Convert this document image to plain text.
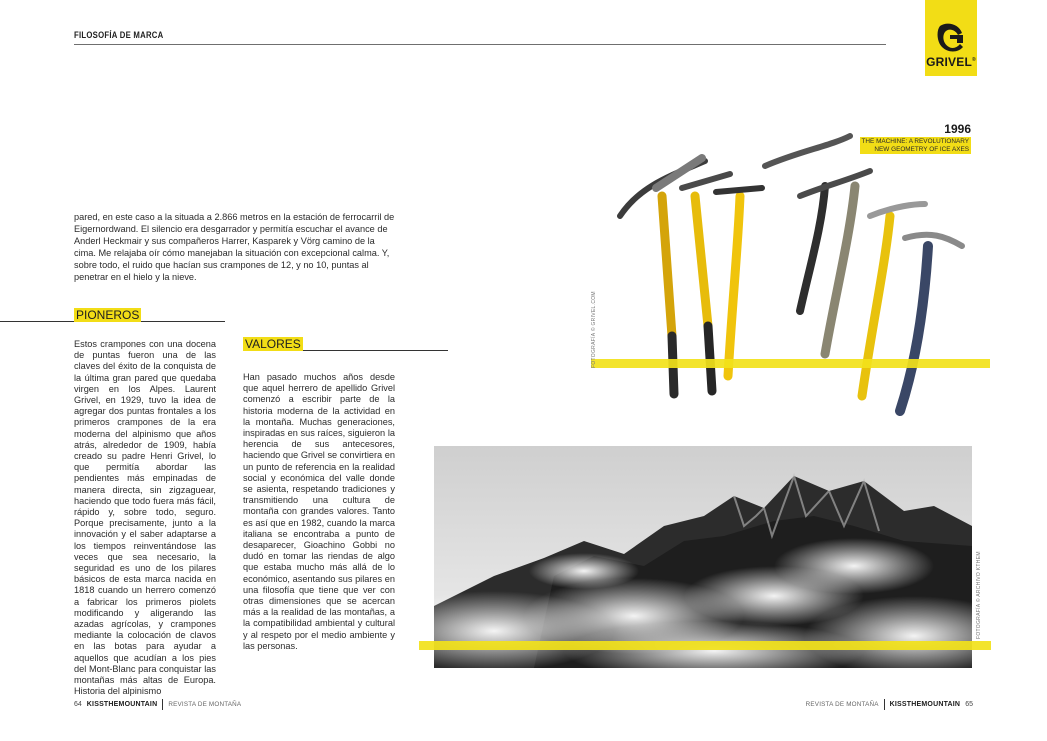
FILOSOFÍA DE MARCA
GRIVEL®

pared, en este caso a la situada a 2.866 metros en la estación de ferrocarril de Eigernordwand. El silencio era desgarrador y permitía escuchar el avance de Anderl Heckmair y sus compañeros Harrer, Kasparek y Vörg camino de la cima. Me relajaba oír cómo manejaban la situación con excepcional calma. Y, sobre todo, el ruido que hacían sus crampones de 12, y no 10, puntas al penetrar en el hielo y la nieve.

PIONEROS

Estos crampones con una docena de puntas fueron una de las claves del éxito de la conquista de la última gran pared que quedaba virgen en los Alpes. Laurent Grivel, en 1929, tuvo la idea de agregar dos puntas frontales a los primeros crampones de la era moderna del alpinismo que años atrás, alrededor de 1909, había creado su padre Henri Grivel, lo que permitía abordar las pendientes más empinadas de manera directa, sin zigzaguear, haciendo que todo fuera más fácil, rápido y, sobre todo, seguro. Porque precisamente, junto a la innovación y el saber adaptarse a los tiempos reinventándose las veces que sea necesario, la seguridad es uno de los pilares básicos de esta marca nacida en 1818 cuando un herrero comenzó a fabricar los primeros piolets modificando y aligerando las azadas agrícolas, y crampones mediante la colocación de clavos en las botas para ayudar a aquellos que acudían a los pies del Mont-Blanc para conquistar las montañas más altas de Europa. Historia del alpinismo

VALORES

Han pasado muchos años desde que aquel herrero de apellido Grivel comenzó a escribir parte de la historia moderna de la actividad en la montaña. Muchas generaciones, inspiradas en sus raíces, siguieron la herencia de sus antecesores, haciendo que Grivel se convirtiera en un punto de referencia en la realidad social y económica del valle donde se asienta, respetando tradiciones y transmitiendo una cultura de montaña con grandes valores. Tanto es así que en 1982, cuando la marca italiana se encontraba a punto de desaparecer, Gioachino Gobbi no dudó en tomar las riendas de algo que estaba mucho más allá de lo económico, asentando sus pilares en una filosofía que tiene que ver con otras dimensiones que se acercan más a la realidad de las montañas, a la compatibilidad ambiental y cultural y al respeto por el medio ambiente y las personas.

1996
THE MACHINE: A REVOLUTIONARY
NEW GEOMETRY OF ICE AXES
FOTOGRAFÍA © GRIVEL.COM
FOTOGRAFÍA © ARCHIVO KTHEM
64 KISSTHEMOUNTAIN REVISTA DE MONTAÑA	REVISTA DE MONTAÑA KISSTHEMOUNTAIN 65
